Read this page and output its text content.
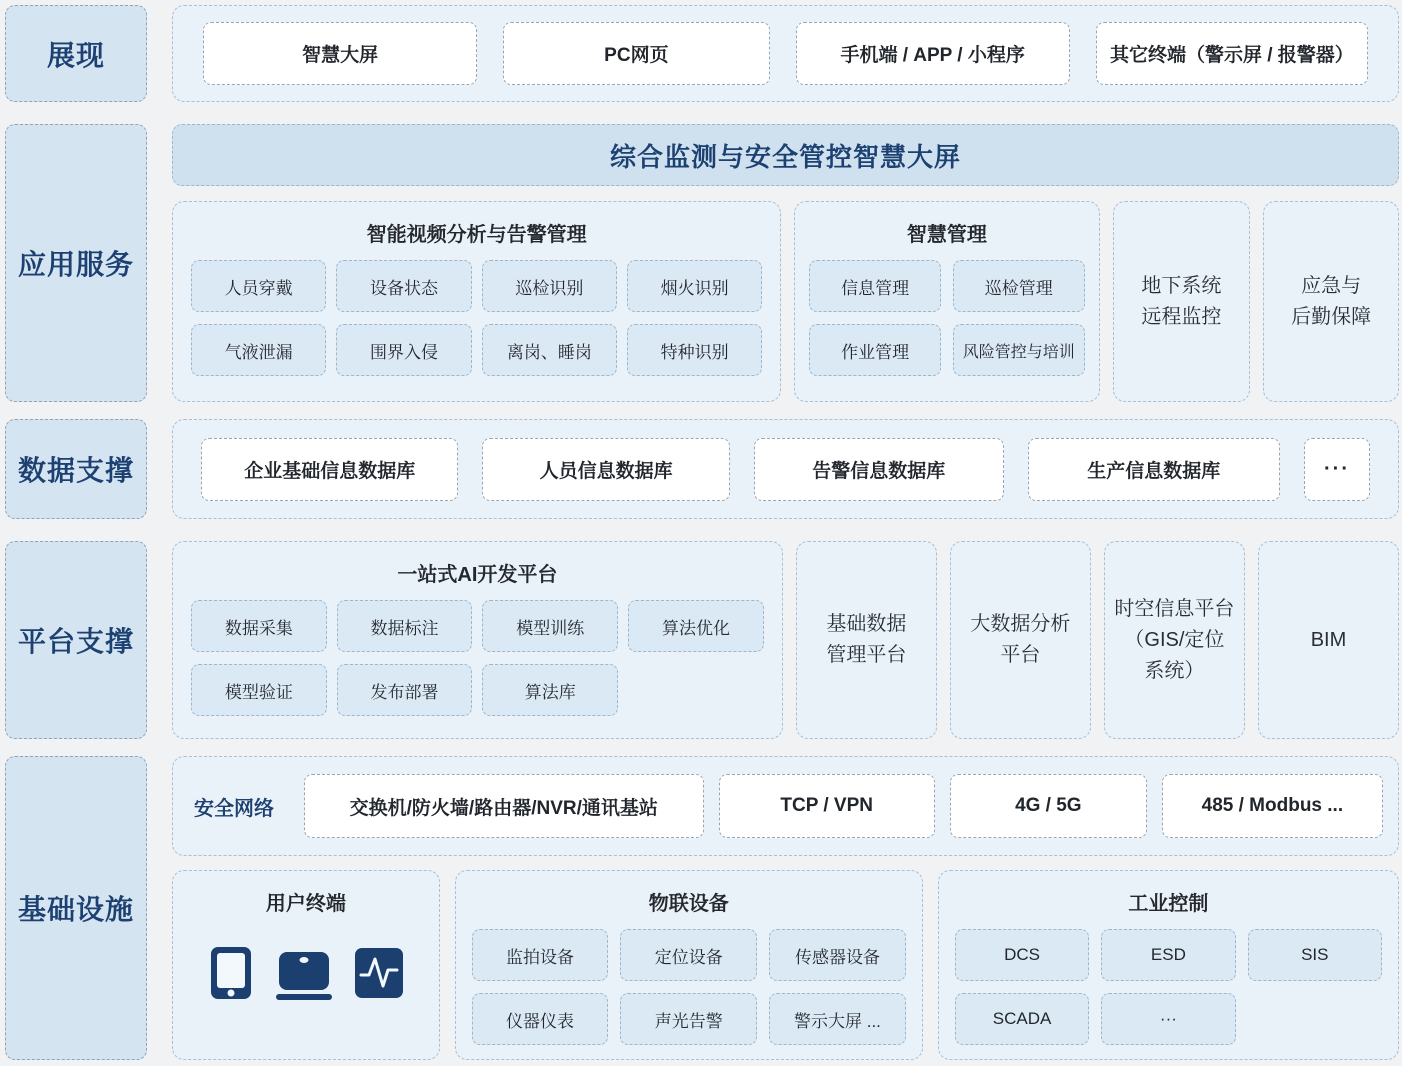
展现	智慧大屏	PC网页	手机端 / APP / 小程序	其它终端（警示屏 / 报警器）
应用服务
综合监测与安全管控智慧大屏
智能视频分析与告警管理
人员穿戴	设备状态	巡检识别	烟火识别
气液泄漏	围界入侵	离岗、睡岗	特种识别
智慧管理
信息管理	巡检管理
作业管理	风险管控与培训
地下系统
远程监控
应急与
后勤保障
数据支撑	企业基础信息数据库	人员信息数据库	告警信息数据库	生产信息数据库	···
平台支撑
一站式AI开发平台
数据采集	数据标注	模型训练	算法优化
模型验证	发布部署	算法库
基础数据
管理平台
大数据分析
平台
时空信息平台
（GIS/定位
系统）
BIM
基础设施
安全网络	交换机/防火墙/路由器/NVR/通讯基站	TCP / VPN	4G / 5G	485 / Modbus ...
用户终端	物联设备
监拍设备	定位设备	传感器设备
仪器仪表	声光告警	警示大屏 ...
工业控制
DCS	ESD	SIS
SCADA	···
